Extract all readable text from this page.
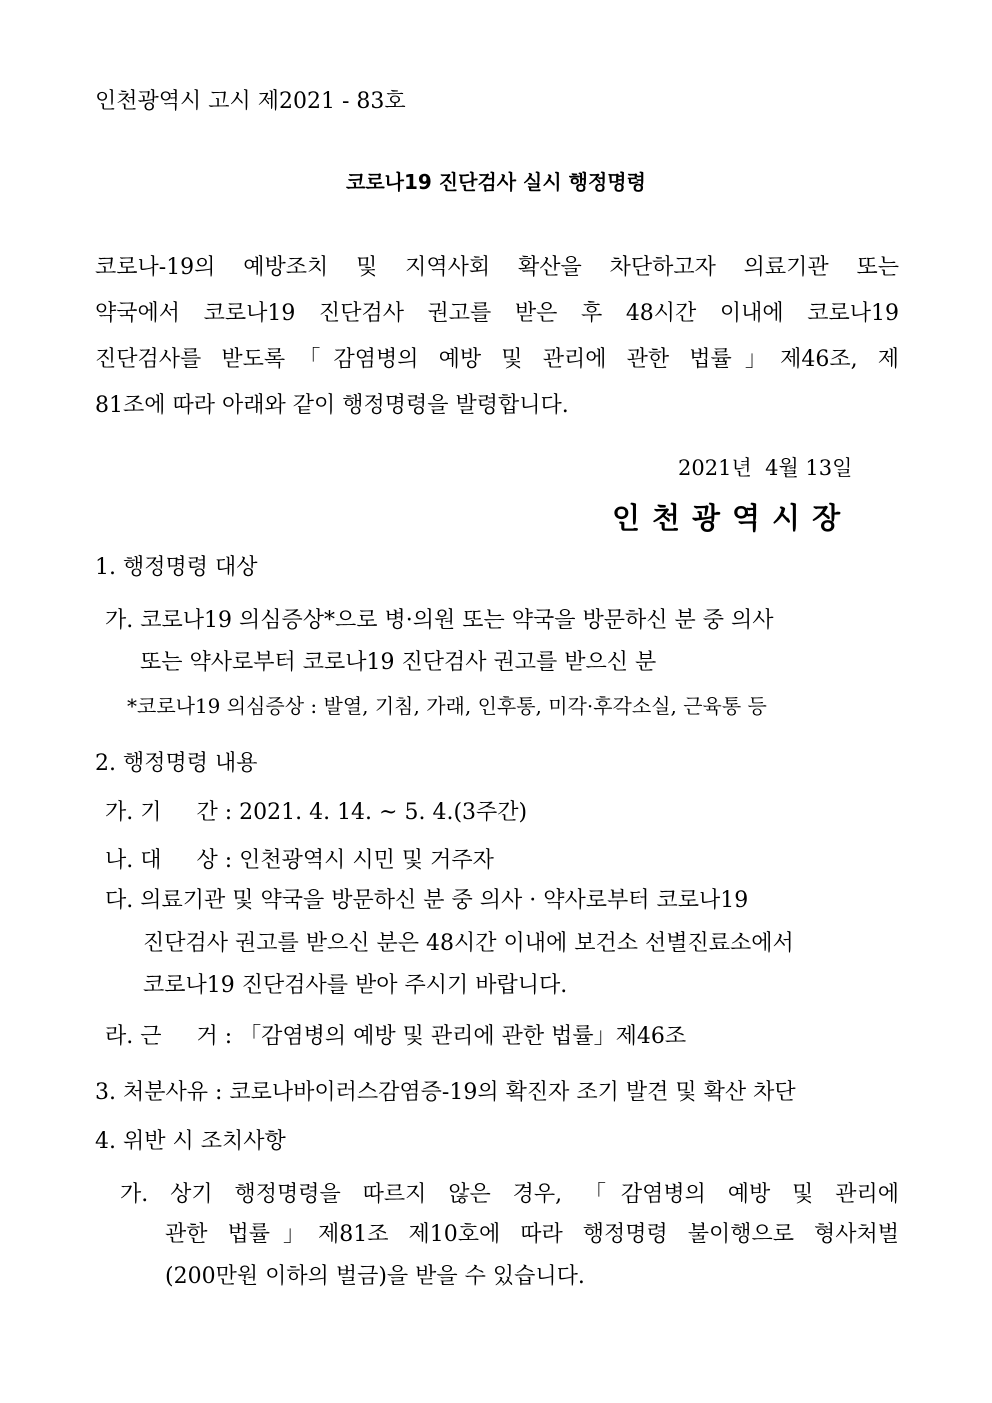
인천광역시 고시 제2021 - 83호
코로나19 진단검사 실시 행정명령
코로나-19의 예방조치 및 지역사회 확산을 차단하고자 의료기관 또는
약국에서 코로나19 진단검사 권고를 받은 후 48시간 이내에 코로나19
진단검사를 받도록「감염병의 예방 및 관리에 관한 법률」제46조, 제
81조에 따라 아래와 같이 행정명령을 발령합니다.
2021년  4월 13일
인천광역시장
1. 행정명령 대상
가. 코로나19 의심증상*으로 병·의원 또는 약국을 방문하신 분 중 의사
또는 약사로부터 코로나19 진단검사 권고를 받으신 분
*코로나19 의심증상 : 발열, 기침, 가래, 인후통, 미각·후각소실, 근육통 등
2. 행정명령 내용
가. 기     간 : 2021. 4. 14. ~ 5. 4.(3주간)
나. 대     상 : 인천광역시 시민 및 거주자
다. 의료기관 및 약국을 방문하신 분 중 의사 · 약사로부터 코로나19
진단검사 권고를 받으신 분은 48시간 이내에 보건소 선별진료소에서
코로나19 진단검사를 받아 주시기 바랍니다.
라. 근     거 : 「감염병의 예방 및 관리에 관한 법률」제46조
3. 처분사유 : 코로나바이러스감염증-19의 확진자 조기 발견 및 확산 차단
4. 위반 시 조치사항
가. 상기 행정명령을 따르지 않은 경우, 「감염병의 예방 및 관리에
관한 법률」제81조 제10호에 따라 행정명령 불이행으로 형사처벌
(200만원 이하의 벌금)을 받을 수 있습니다.
